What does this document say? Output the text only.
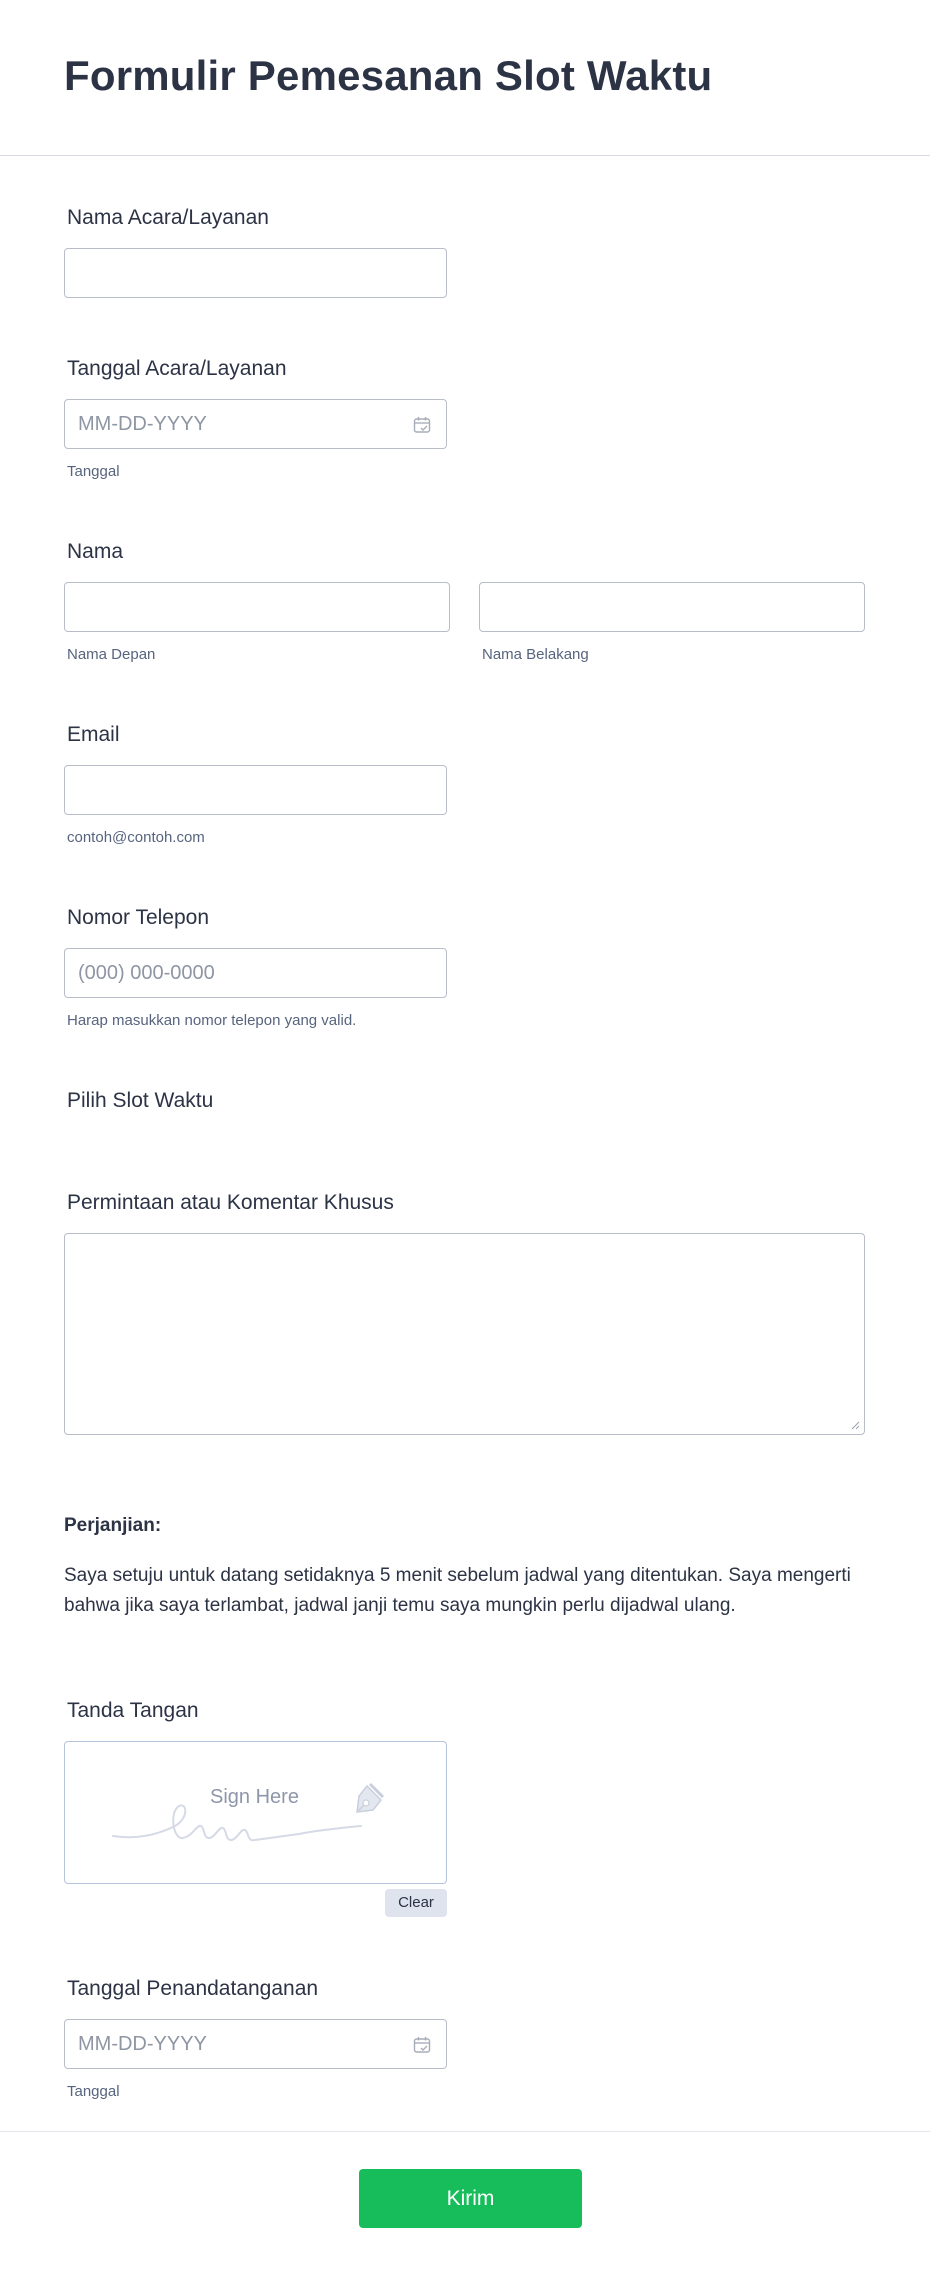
Formulir Pemesanan Slot Waktu
Nama Acara/Layanan
Tanggal Acara/Layanan
MM-DD-YYYY
Tanggal
Nama
Nama Depan	Nama Belakang
Email
contoh@contoh.com
Nomor Telepon
(000) 000-0000
Harap masukkan nomor telepon yang valid.
Pilih Slot Waktu
Permintaan atau Komentar Khusus
Perjanjian:
Saya setuju untuk datang setidaknya 5 menit sebelum jadwal yang ditentukan. Saya mengerti bahwa jika saya terlambat, jadwal janji temu saya mungkin perlu dijadwal ulang.
Tanda Tangan
Sign Here
Clear
Tanggal Penandatanganan
MM-DD-YYYY
Tanggal
Kirim
